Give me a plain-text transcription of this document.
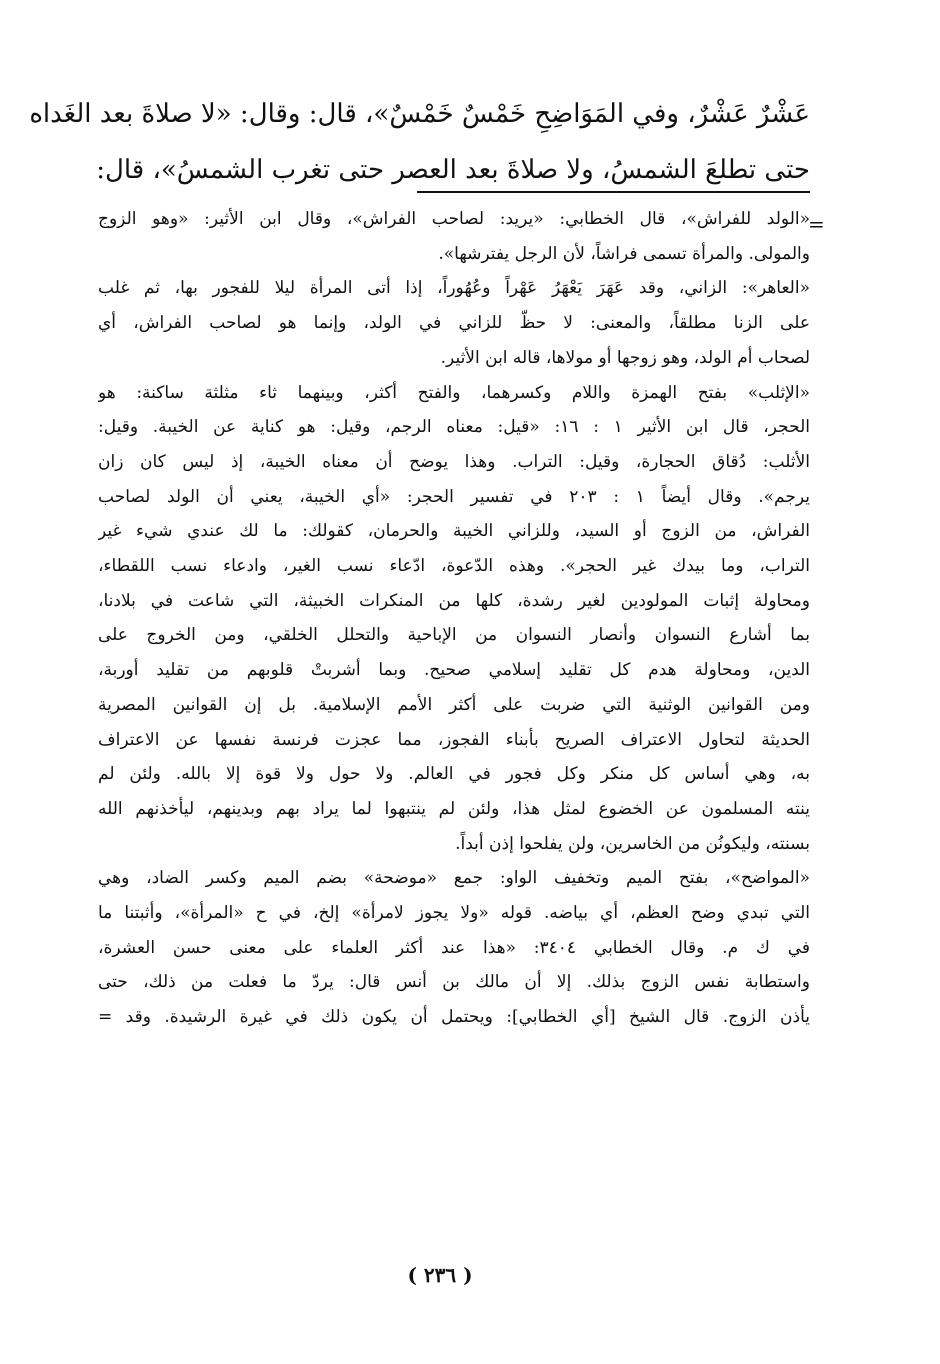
عَشْرٌ عَشْرٌ، وفي المَوَاضِحِ خَمْسٌ خَمْسٌ»، قال: وقال: «لا صلاةَ بعد الغَداه
حتى تطلعَ الشمسُ، ولا صلاةَ بعد العصر حتى تغرب الشمسُ»، قال:
=
«الولد للفراش»، قال الخطابي: «يريد: لصاحب الفراش»، وقال ابن الأثير: «وهو الزوج
والمولى. والمرأة تسمى فراشاً، لأن الرجل يفترشها».
«العاهر»: الزاني، وقد عَهَرَ يَعْهَرُ عَهْراً وعُهُوراً، إذا أتى المرأة ليلا للفجور بها، ثم غلب
على الزنا مطلقاً، والمعنى: لا حظّ للزاني في الولد، وإنما هو لصاحب الفراش، أي
لصحاب أم الولد، وهو زوجها أو مولاها، قاله ابن الأثير.
«الإثلب» بفتح الهمزة واللام وكسرهما، والفتح أكثر، وبينهما ثاء مثلثة ساكنة: هو
الحجر، قال ابن الأثير ١ : ١٦: «قيل: معناه الرجم، وقيل: هو كناية عن الخيبة. وقيل:
الأثلب: دُقاق الحجارة، وقيل: التراب. وهذا يوضح أن معناه الخيبة، إذ ليس كان زان
يرجم». وقال أيضاً ١ : ٢٠٣ في تفسير الحجر: «أي الخيبة، يعني أن الولد لصاحب
الفراش، من الزوج أو السيد، وللزاني الخيبة والحرمان، كقولك: ما لك عندي شيء غير
التراب، وما بيدك غير الحجر». وهذه الدّعوة، ادّعاء نسب الغير، وادعاء نسب اللقطاء،
ومحاولة إثبات المولودين لغير رشدة، كلها من المنكرات الخبيثة، التي شاعت في بلادنا،
بما أشارع النسوان وأنصار النسوان من الإباحية والتحلل الخلقي، ومن الخروج على
الدين، ومحاولة هدم كل تقليد إسلامي صحيح. وبما أشربتْ قلوبهم من تقليد أوربة،
ومن القوانين الوثنية التي ضربت على أكثر الأمم الإسلامية. بل إن القوانين المصرية
الحديثة لتحاول الاعتراف الصريح بأبناء الفجوز، مما عجزت فرنسة نفسها عن الاعتراف
به، وهي أساس كل منكر وكل فجور في العالم. ولا حول ولا قوة إلا بالله. ولئن لم
ينته المسلمون عن الخضوع لمثل هذا، ولئن لم ينتبهوا لما يراد بهم وبدينهم، ليأخذنهم الله
بسنته، وليكونُن من الخاسرين، ولن يفلحوا إذن أبداً.
«المواضح»، بفتح الميم وتخفيف الواو: جمع «موضحة» بضم الميم وكسر الضاد، وهي
التي تبدي وضح العظم، أي بياضه. قوله «ولا يجوز لامرأة» إلخ، في ح «المرأة»، وأثبتنا ما
في ك م. وقال الخطابي ٣٤٠٤: «هذا عند أكثر العلماء على معنى حسن العشرة،
واستطابة نفس الزوج بذلك. إلا أن مالك بن أنس قال: يردّ ما فعلت من ذلك، حتى
يأذن الزوج. قال الشيخ [أي الخطابي]: ويحتمل أن يكون ذلك في غيرة الرشيدة. وقد =
( ٢٣٦ )
